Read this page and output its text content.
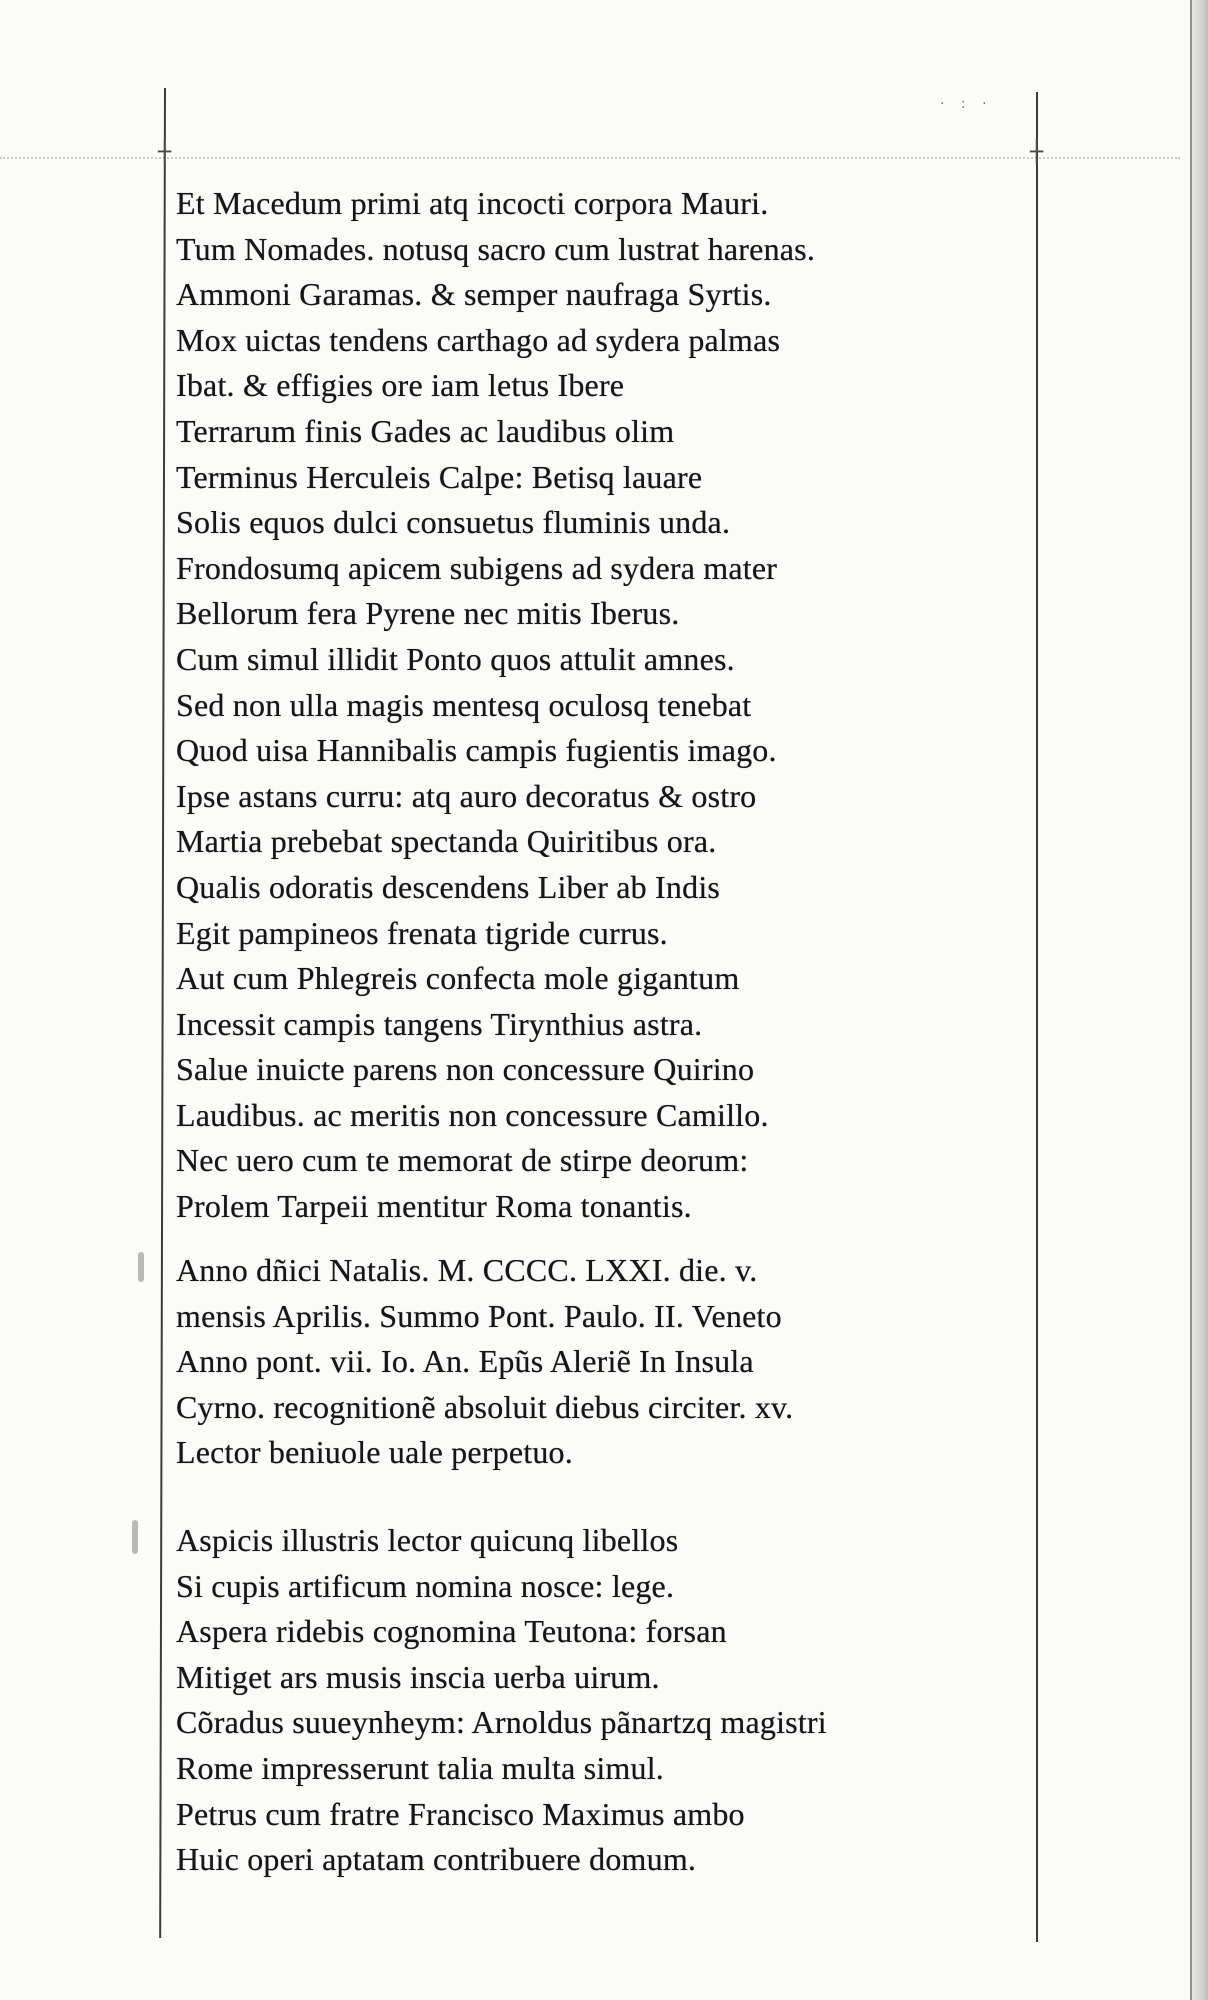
┼	┼
· : ·
Et Macedum primi atq incocti corpora Mauri.
Tum Nomades. notusq sacro cum lustrat harenas.
Ammoni Garamas. & semper naufraga Syrtis.
Mox uictas tendens carthago ad sydera palmas
Ibat. & effigies ore iam letus Ibere
Terrarum finis Gades ac laudibus olim
Terminus Herculeis Calpe: Betisq lauare
Solis equos dulci consuetus fluminis unda.
Frondosumq apicem subigens ad sydera mater
Bellorum fera Pyrene nec mitis Iberus.
Cum simul illidit Ponto quos attulit amnes.
Sed non ulla magis mentesq oculosq tenebat
Quod uisa Hannibalis campis fugientis imago.
Ipse astans curru: atq auro decoratus & ostro
Martia prebebat spectanda Quiritibus ora.
Qualis odoratis descendens Liber ab Indis
Egit pampineos frenata tigride currus.
Aut cum Phlegreis confecta mole gigantum
Incessit campis tangens Tirynthius astra.
Salue inuicte parens non concessure Quirino
Laudibus. ac meritis non concessure Camillo.
Nec uero cum te memorat de stirpe deorum:
Prolem Tarpeii mentitur Roma tonantis.
Anno dñici Natalis. M. CCCC. LXXI. die. v.
mensis Aprilis. Summo Pont. Paulo. II. Veneto
Anno pont. vii. Io. An. Epũs Aleriẽ In Insula
Cyrno. recognitionẽ absoluit diebus circiter. xv.
Lector beniuole uale perpetuo.
Aspicis illustris lector quicunq libellos
Si cupis artificum nomina nosce: lege.
Aspera ridebis cognomina Teutona: forsan
Mitiget ars musis inscia uerba uirum.
Cõradus suueynheym: Arnoldus pãnartzq magistri
Rome impresserunt talia multa simul.
Petrus cum fratre Francisco Maximus ambo
Huic operi aptatam contribuere domum.
